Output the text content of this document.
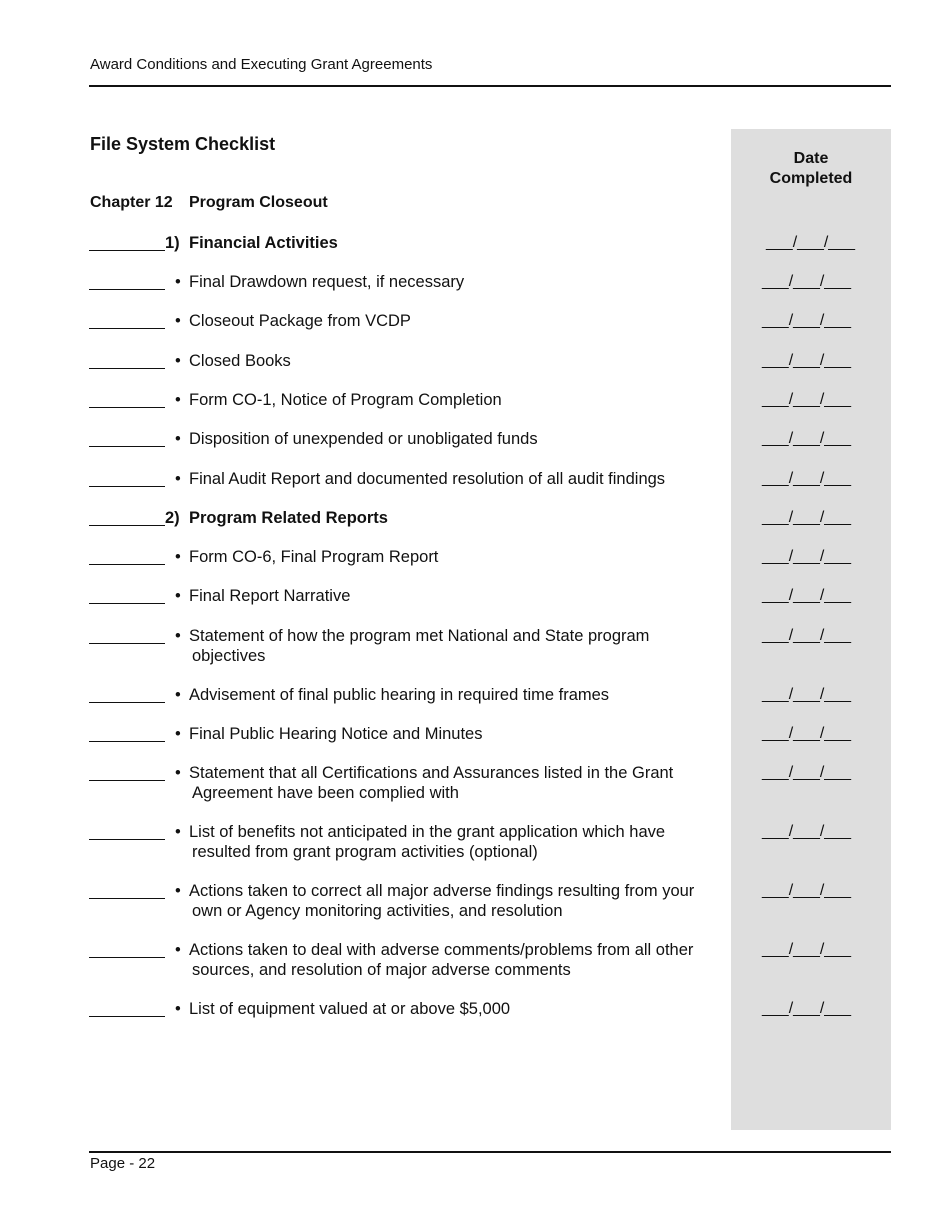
Award Conditions and Executing Grant Agreements
Date
Completed
File System Checklist
Chapter 12 Program Closeout
1) Financial Activities	___/___/___
• Final Drawdown request, if necessary	___/___/___
• Closeout Package from VCDP	___/___/___
• Closed Books	___/___/___
• Form CO-1, Notice of Program Completion	___/___/___
• Disposition of unexpended or unobligated funds	___/___/___
• Final Audit Report and documented resolution of all audit findings	___/___/___
2) Program Related Reports	___/___/___
• Form CO-6, Final Program Report	___/___/___
• Final Report Narrative	___/___/___
• Statement of how the program met National and State program
objectives
___/___/___
• Advisement of final public hearing in required time frames	___/___/___
• Final Public Hearing Notice and Minutes	___/___/___
• Statement that all Certifications and Assurances listed in the Grant
Agreement have been complied with
___/___/___
• List of benefits not anticipated in the grant application which have
resulted from grant program activities (optional)
___/___/___
• Actions taken to correct all major adverse findings resulting from your
own or Agency monitoring activities, and resolution
___/___/___
• Actions taken to deal with adverse comments/problems from all other
sources, and resolution of major adverse comments
___/___/___
• List of equipment valued at or above $5,000	___/___/___
Page - 22
